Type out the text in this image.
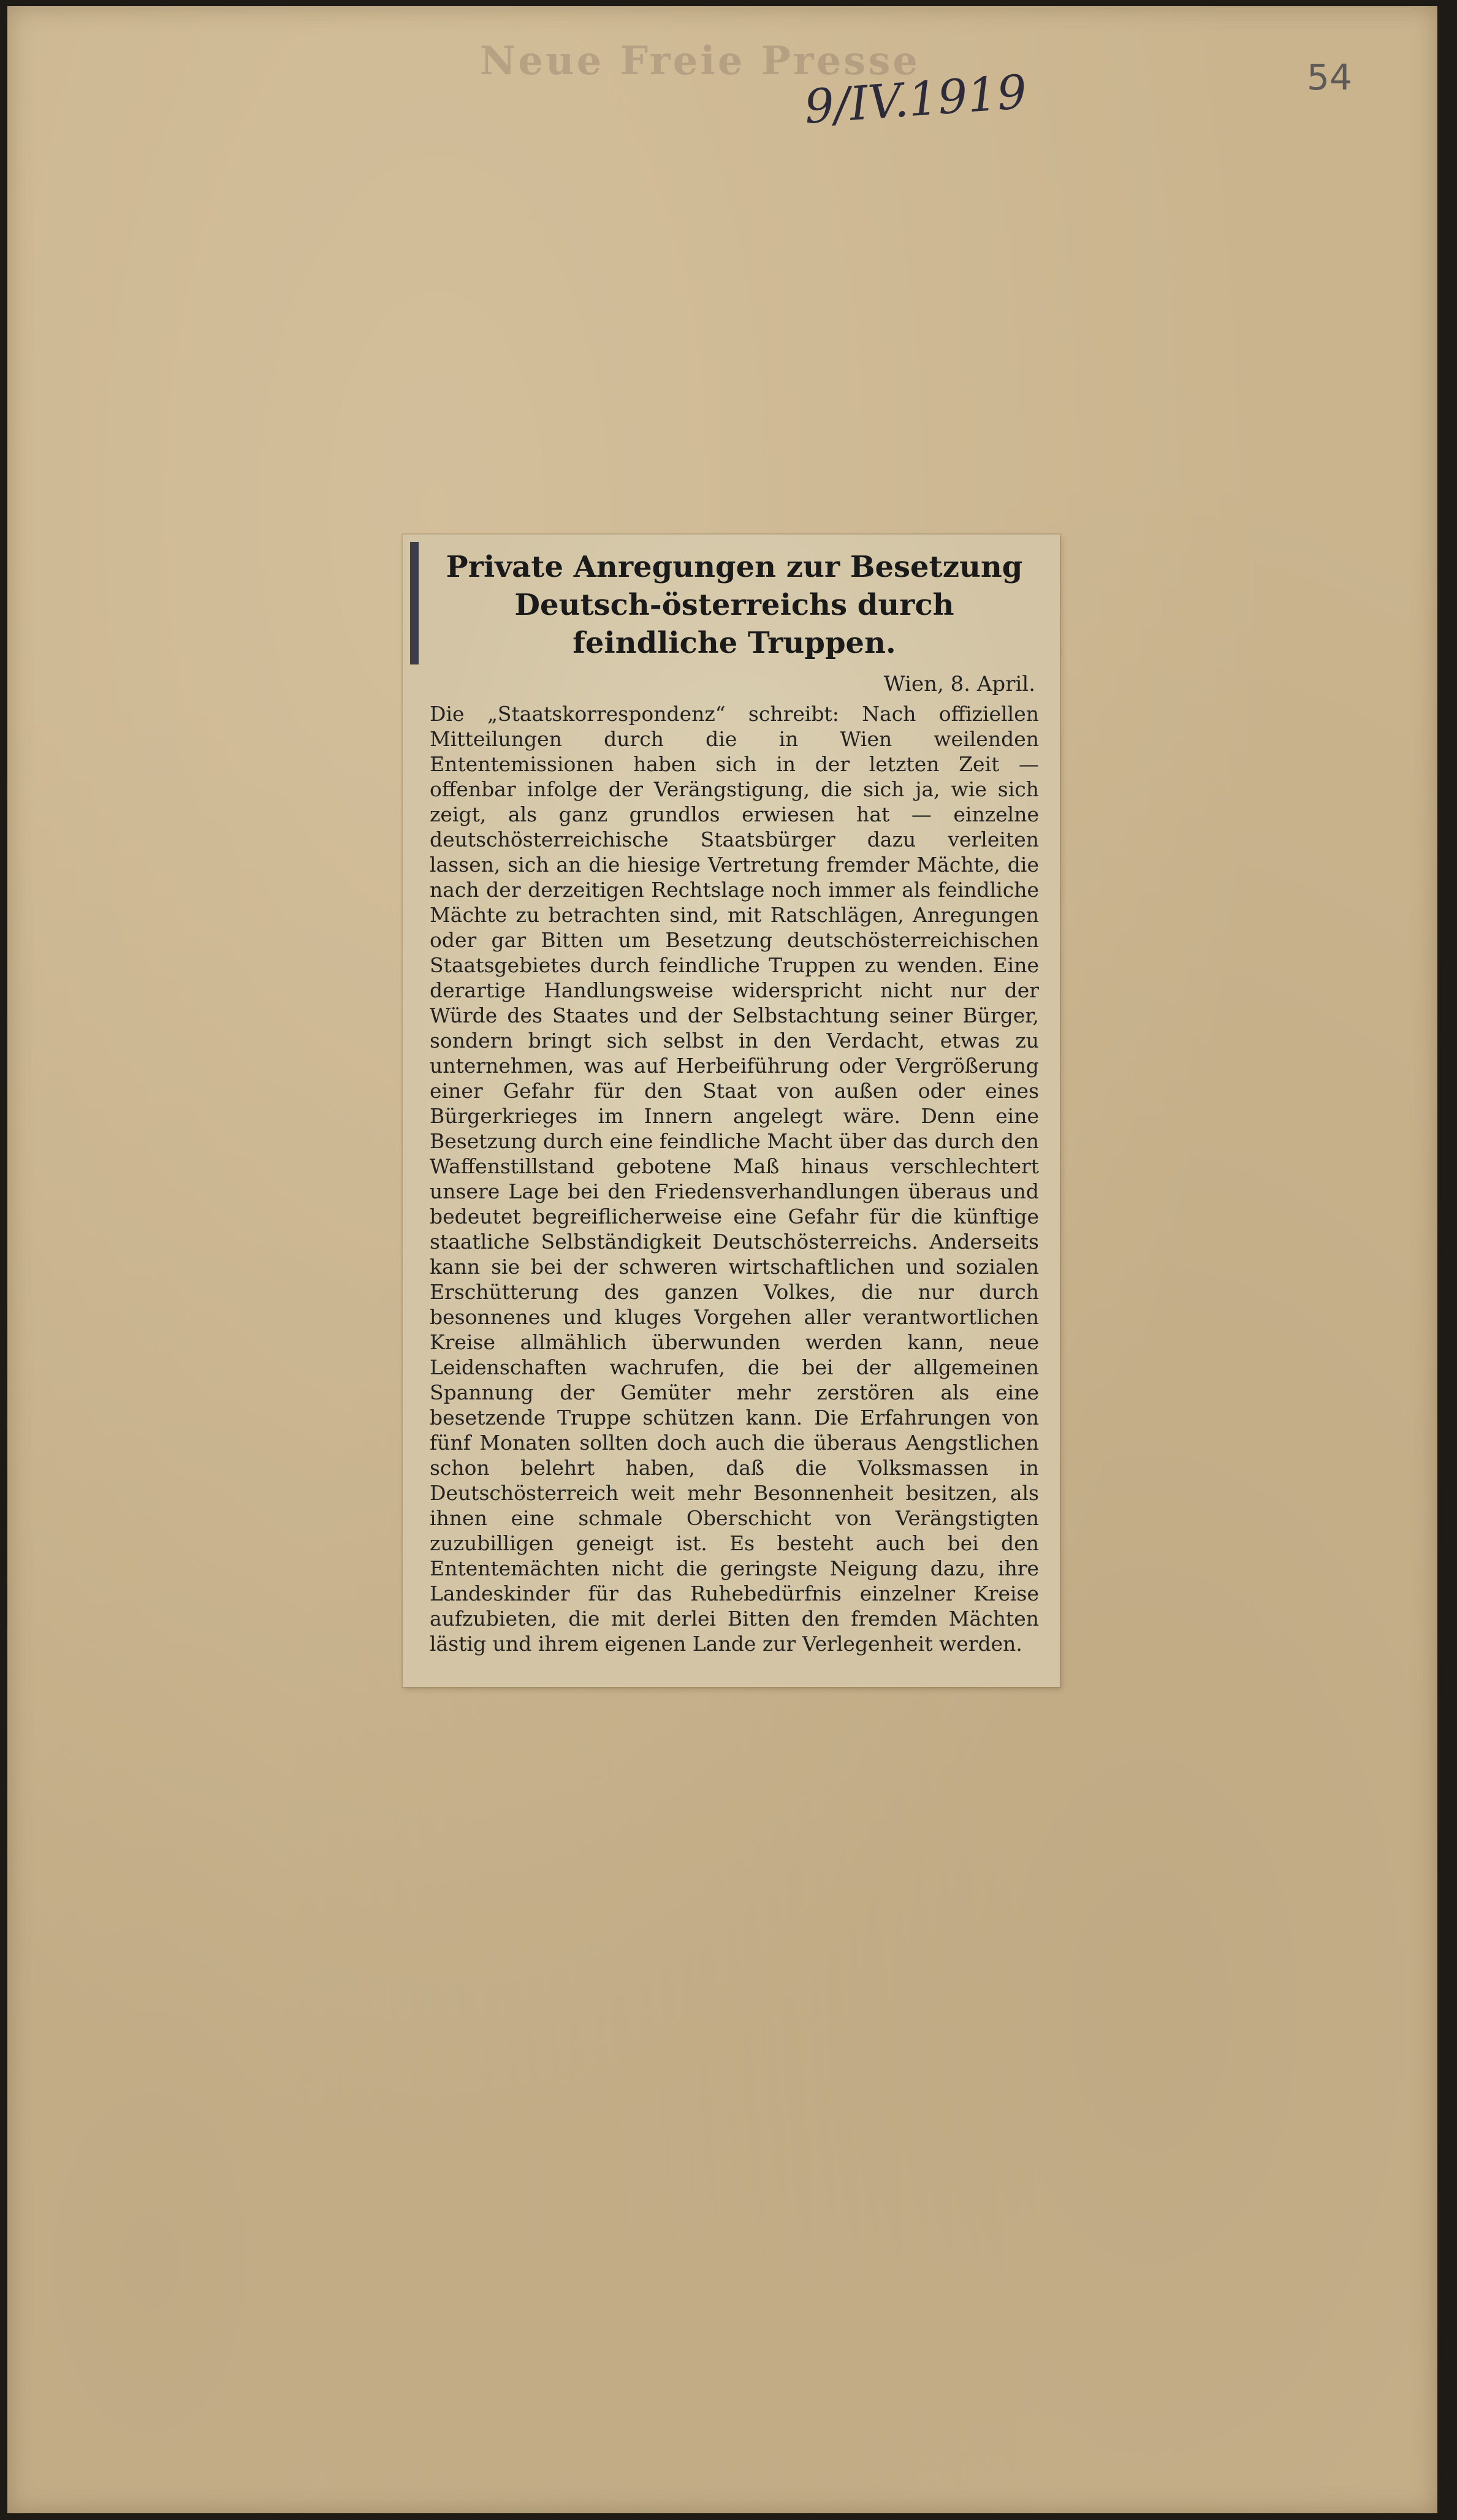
Neue Freie Presse
9/IV.1919	54
Private Anregungen zur Besetzung Deutsch-österreichs durch feindliche Truppen.
Wien, 8. April.
Die „Staatskorrespondenz“ schreibt: Nach offiziellen Mitteilungen durch die in Wien weilenden Ententemissionen haben sich in der letzten Zeit — offenbar infolge der Verängstigung, die sich ja, wie sich zeigt, als ganz grundlos erwiesen hat — einzelne deutschösterreichische Staatsbürger dazu verleiten lassen, sich an die hiesige Vertretung fremder Mächte, die nach der derzeitigen Rechtslage noch immer als feindliche Mächte zu betrachten sind, mit Ratschlägen, Anregungen oder gar Bitten um Besetzung deutschösterreichischen Staatsgebietes durch feindliche Truppen zu wenden. Eine derartige Handlungsweise widerspricht nicht nur der Würde des Staates und der Selbstachtung seiner Bürger, sondern bringt sich selbst in den Verdacht, etwas zu unternehmen, was auf Herbeiführung oder Vergrößerung einer Gefahr für den Staat von außen oder eines Bürgerkrieges im Innern angelegt wäre. Denn eine Besetzung durch eine feindliche Macht über das durch den Waffenstillstand gebotene Maß hinaus verschlechtert unsere Lage bei den Friedensverhandlungen überaus und bedeutet begreiflicherweise eine Gefahr für die künftige staatliche Selbständigkeit Deutschösterreichs. Anderseits kann sie bei der schweren wirtschaftlichen und sozialen Erschütterung des ganzen Volkes, die nur durch besonnenes und kluges Vorgehen aller verantwortlichen Kreise allmählich überwunden werden kann, neue Leidenschaften wachrufen, die bei der allgemeinen Spannung der Gemüter mehr zerstören als eine besetzende Truppe schützen kann. Die Erfahrungen von fünf Monaten sollten doch auch die überaus Aengstlichen schon belehrt haben, daß die Volksmassen in Deutschösterreich weit mehr Besonnenheit besitzen, als ihnen eine schmale Oberschicht von Verängstigten zuzubilligen geneigt ist. Es besteht auch bei den Ententemächten nicht die geringste Neigung dazu, ihre Landeskinder für das Ruhebedürfnis einzelner Kreise aufzubieten, die mit derlei Bitten den fremden Mächten lästig und ihrem eigenen Lande zur Verlegenheit werden.
